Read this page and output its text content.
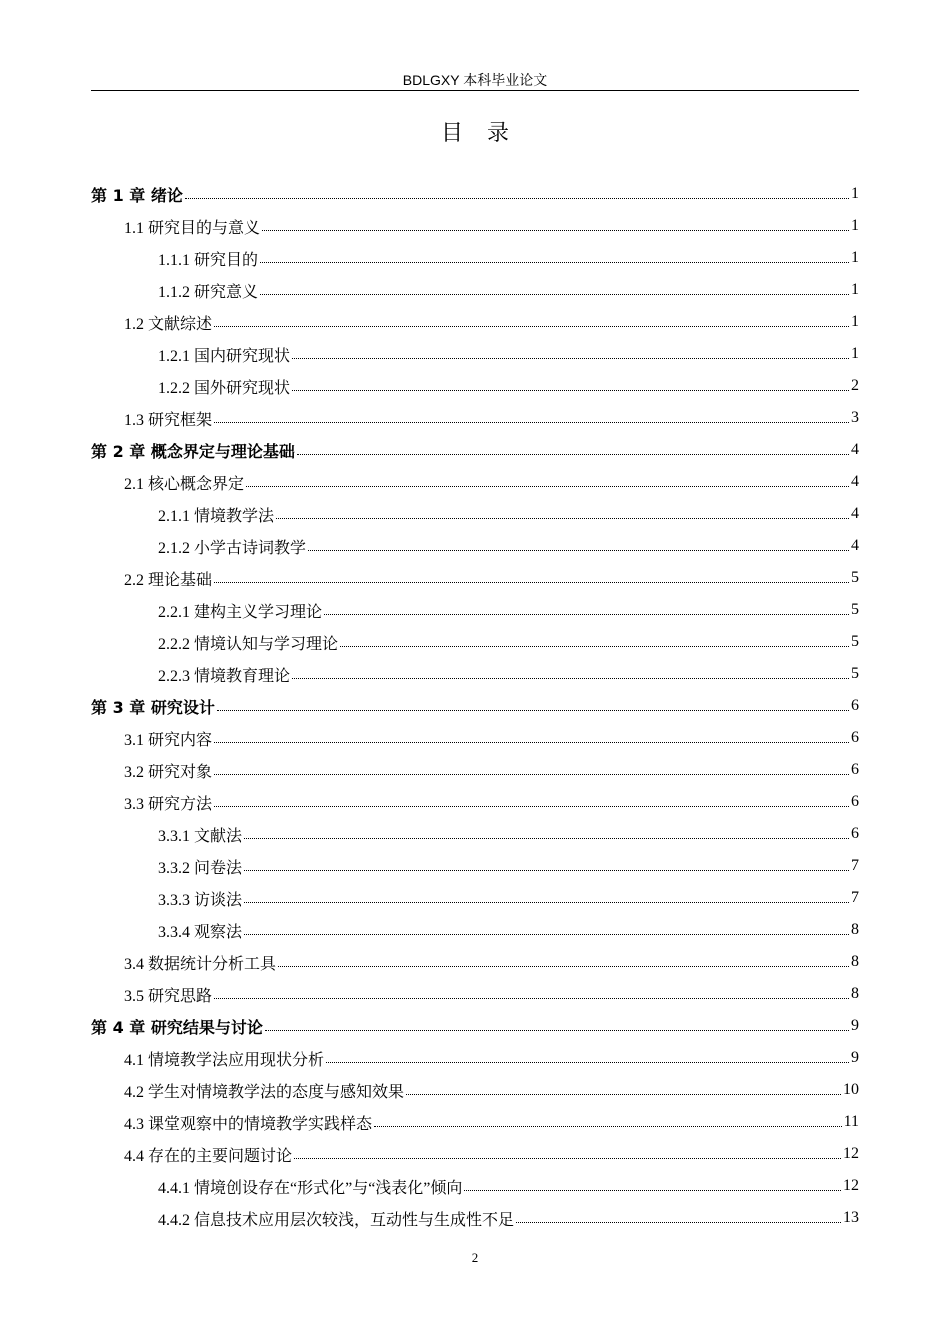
BDLGXY 本科毕业论文
目录
第 1 章 绪论	1
1.1 研究目的与意义	1
1.1.1 研究目的	1
1.1.2 研究意义	1
1.2 文献综述	1
1.2.1 国内研究现状	1
1.2.2 国外研究现状	2
1.3 研究框架	3
第 2 章 概念界定与理论基础	4
2.1 核心概念界定	4
2.1.1 情境教学法	4
2.1.2 小学古诗词教学	4
2.2 理论基础	5
2.2.1 建构主义学习理论	5
2.2.2 情境认知与学习理论	5
2.2.3 情境教育理论	5
第 3 章 研究设计	6
3.1 研究内容	6
3.2 研究对象	6
3.3 研究方法	6
3.3.1 文献法	6
3.3.2 问卷法	7
3.3.3 访谈法	7
3.3.4 观察法	8
3.4 数据统计分析工具	8
3.5 研究思路	8
第 4 章 研究结果与讨论	9
4.1 情境教学法应用现状分析	9
4.2 学生对情境教学法的态度与感知效果	10
4.3 课堂观察中的情境教学实践样态	11
4.4 存在的主要问题讨论	12
4.4.1 情境创设存在“形式化”与“浅表化”倾向	12
4.4.2 信息技术应用层次较浅，互动性与生成性不足	13
2
